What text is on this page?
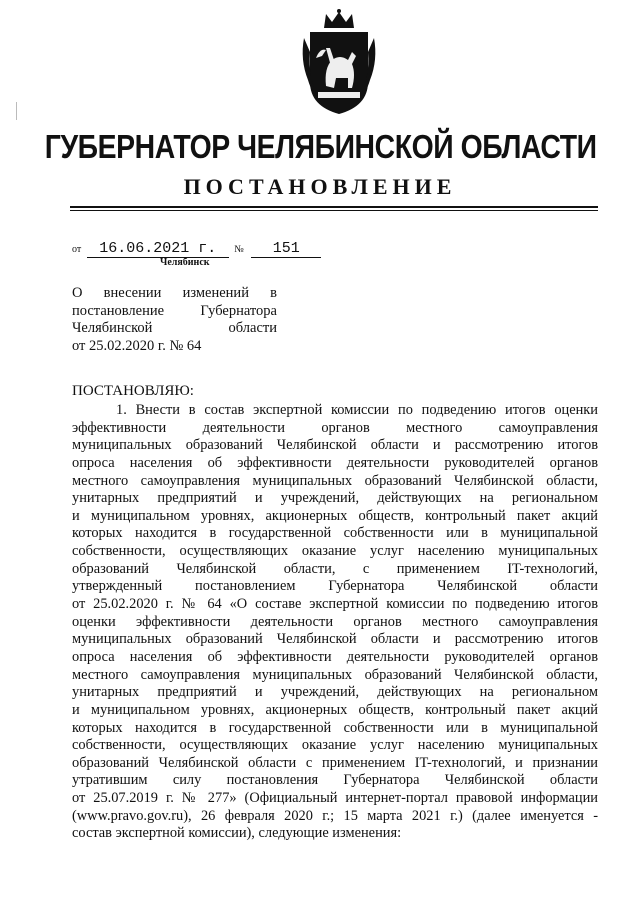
ГУБЕРНАТОР ЧЕЛЯБИНСКОЙ ОБЛАСТИ
ПОСТАНОВЛЕНИЕ
от 16.06.2021 г. № 151
Челябинск
О внесении изменений в
постановление Губернатора
Челябинской области
от 25.02.2020 г. № 64
ПОСТАНОВЛЯЮ:
1. Внести в состав экспертной комиссии по подведению итогов оценки
эффективности деятельности органов местного самоуправления
муниципальных образований Челябинской области и рассмотрению итогов
опроса населения об эффективности деятельности руководителей органов
местного самоуправления муниципальных образований Челябинской области,
унитарных предприятий и учреждений, действующих на региональном
и муниципальном уровнях, акционерных обществ, контрольный пакет акций
которых находится в государственной собственности или в муниципальной
собственности, осуществляющих оказание услуг населению муниципальных
образований Челябинской области, с применением IT-технологий,
утвержденный постановлением Губернатора Челябинской области
от 25.02.2020 г. № 64 «О составе экспертной комиссии по подведению итогов
оценки эффективности деятельности органов местного самоуправления
муниципальных образований Челябинской области и рассмотрению итогов
опроса населения об эффективности деятельности руководителей органов
местного самоуправления муниципальных образований Челябинской области,
унитарных предприятий и учреждений, действующих на региональном
и муниципальном уровнях, акционерных обществ, контрольный пакет акций
которых находится в государственной собственности или в муниципальной
собственности, осуществляющих оказание услуг населению муниципальных
образований Челябинской области с применением IT-технологий, и признании
утратившим силу постановления Губернатора Челябинской области
от 25.07.2019 г. № 277» (Официальный интернет-портал правовой информации
(www.pravo.gov.ru), 26 февраля 2020 г.; 15 марта 2021 г.) (далее именуется -
состав экспертной комиссии), следующие изменения:
